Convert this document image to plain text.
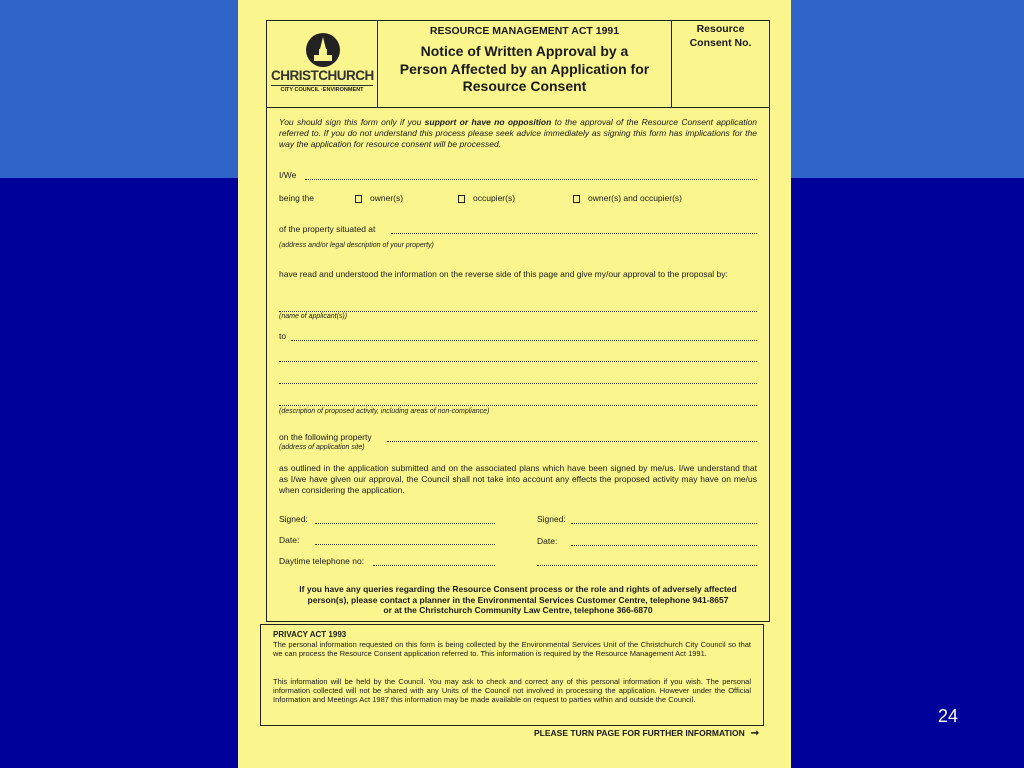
24
CHRISTCHURCH
CITY COUNCIL ·ENVIRONMENT
RESOURCE MANAGEMENT ACT 1991
Notice of Written Approval by a
Person Affected by an Application for
Resource Consent
Resource
Consent No.
You should sign this form only if you support or have no opposition to the approval of the Resource Consent application referred to. If you do not understand this process please seek advice immediately as signing this form has implications for the way the application for resource consent will be processed.
I/We
being the	owner(s)	occupier(s)	owner(s) and occupier(s)
of the property situated at
(address and/or legal description of your property)
have read and understood the information on the reverse side of this page and give my/our approval to the proposal by:
(name of applicant(s))
to
(description of proposed activity, including areas of non-compliance)
on the following property
(address of application site)
as outlined in the application submitted and on the associated plans which have been signed by me/us. I/we understand that as I/we have given our approval, the Council shall not take into account any effects the proposed activity may have on me/us when considering the application.
Signed:	Signed:
Date:	Date:
Daytime telephone no:
If you have any queries regarding the Resource Consent process or the role and rights of adversely affected
person(s), please contact a planner in the Environmental Services Customer Centre, telephone 941-8657
or at the Christchurch Community Law Centre, telephone 366-6870
PRIVACY ACT 1993
The personal information requested on this form is being collected by the Environmental Services Unit of the Christchurch City Council so that we can process the Resource Consent application referred to. This information is required by the Resource Management Act 1991.
This information will be held by the Council. You may ask to check and correct any of this personal information if you wish. The personal information collected will not be shared with any Units of the Council not involved in processing the application. However under the Official Information and Meetings Act 1987 this information may be made available on request to parties within and outside the Council.
PLEASE TURN PAGE FOR FURTHER INFORMATION ➞
